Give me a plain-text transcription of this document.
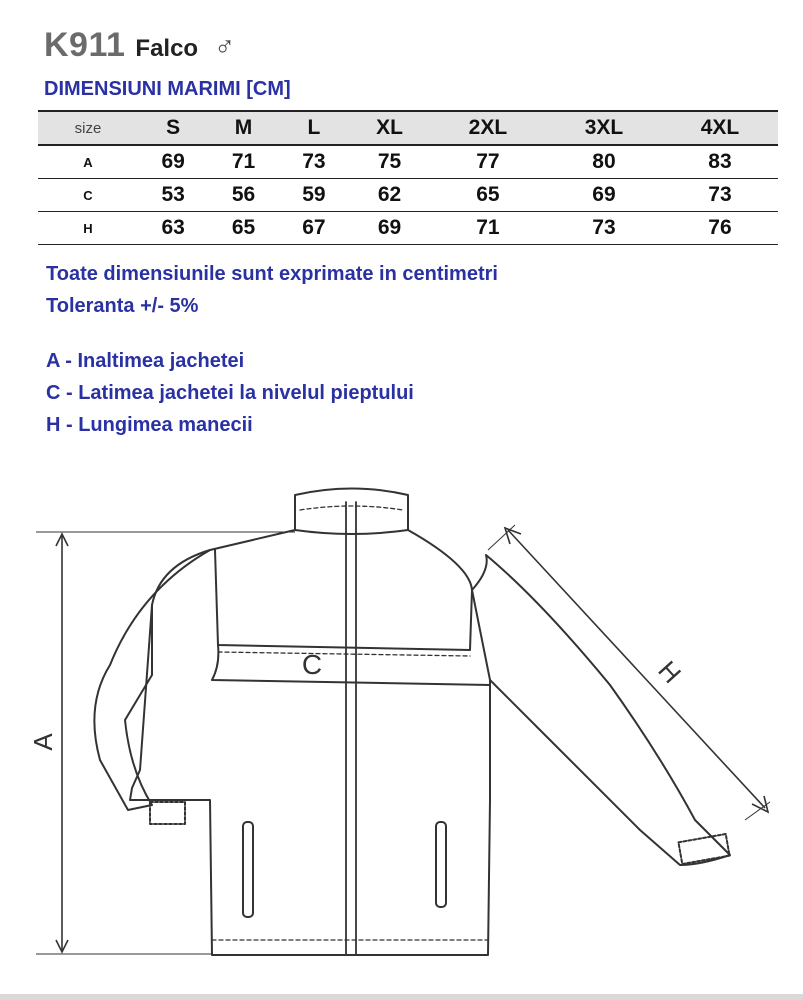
K911 Falco ♂
DIMENSIUNI MARIMI [CM]
size	S	M	L	XL	2XL	3XL	4XL
A	69	71	73	75	77	80	83
C	53	56	59	62	65	69	73
H	63	65	67	69	71	73	76

Toate dimensiunile sunt exprimate in centimetri

Toleranta +/- 5%

A - Inaltimea jachetei

C - Latimea jachetei la nivelul pieptului

H - Lungimea manecii

A
C	H
